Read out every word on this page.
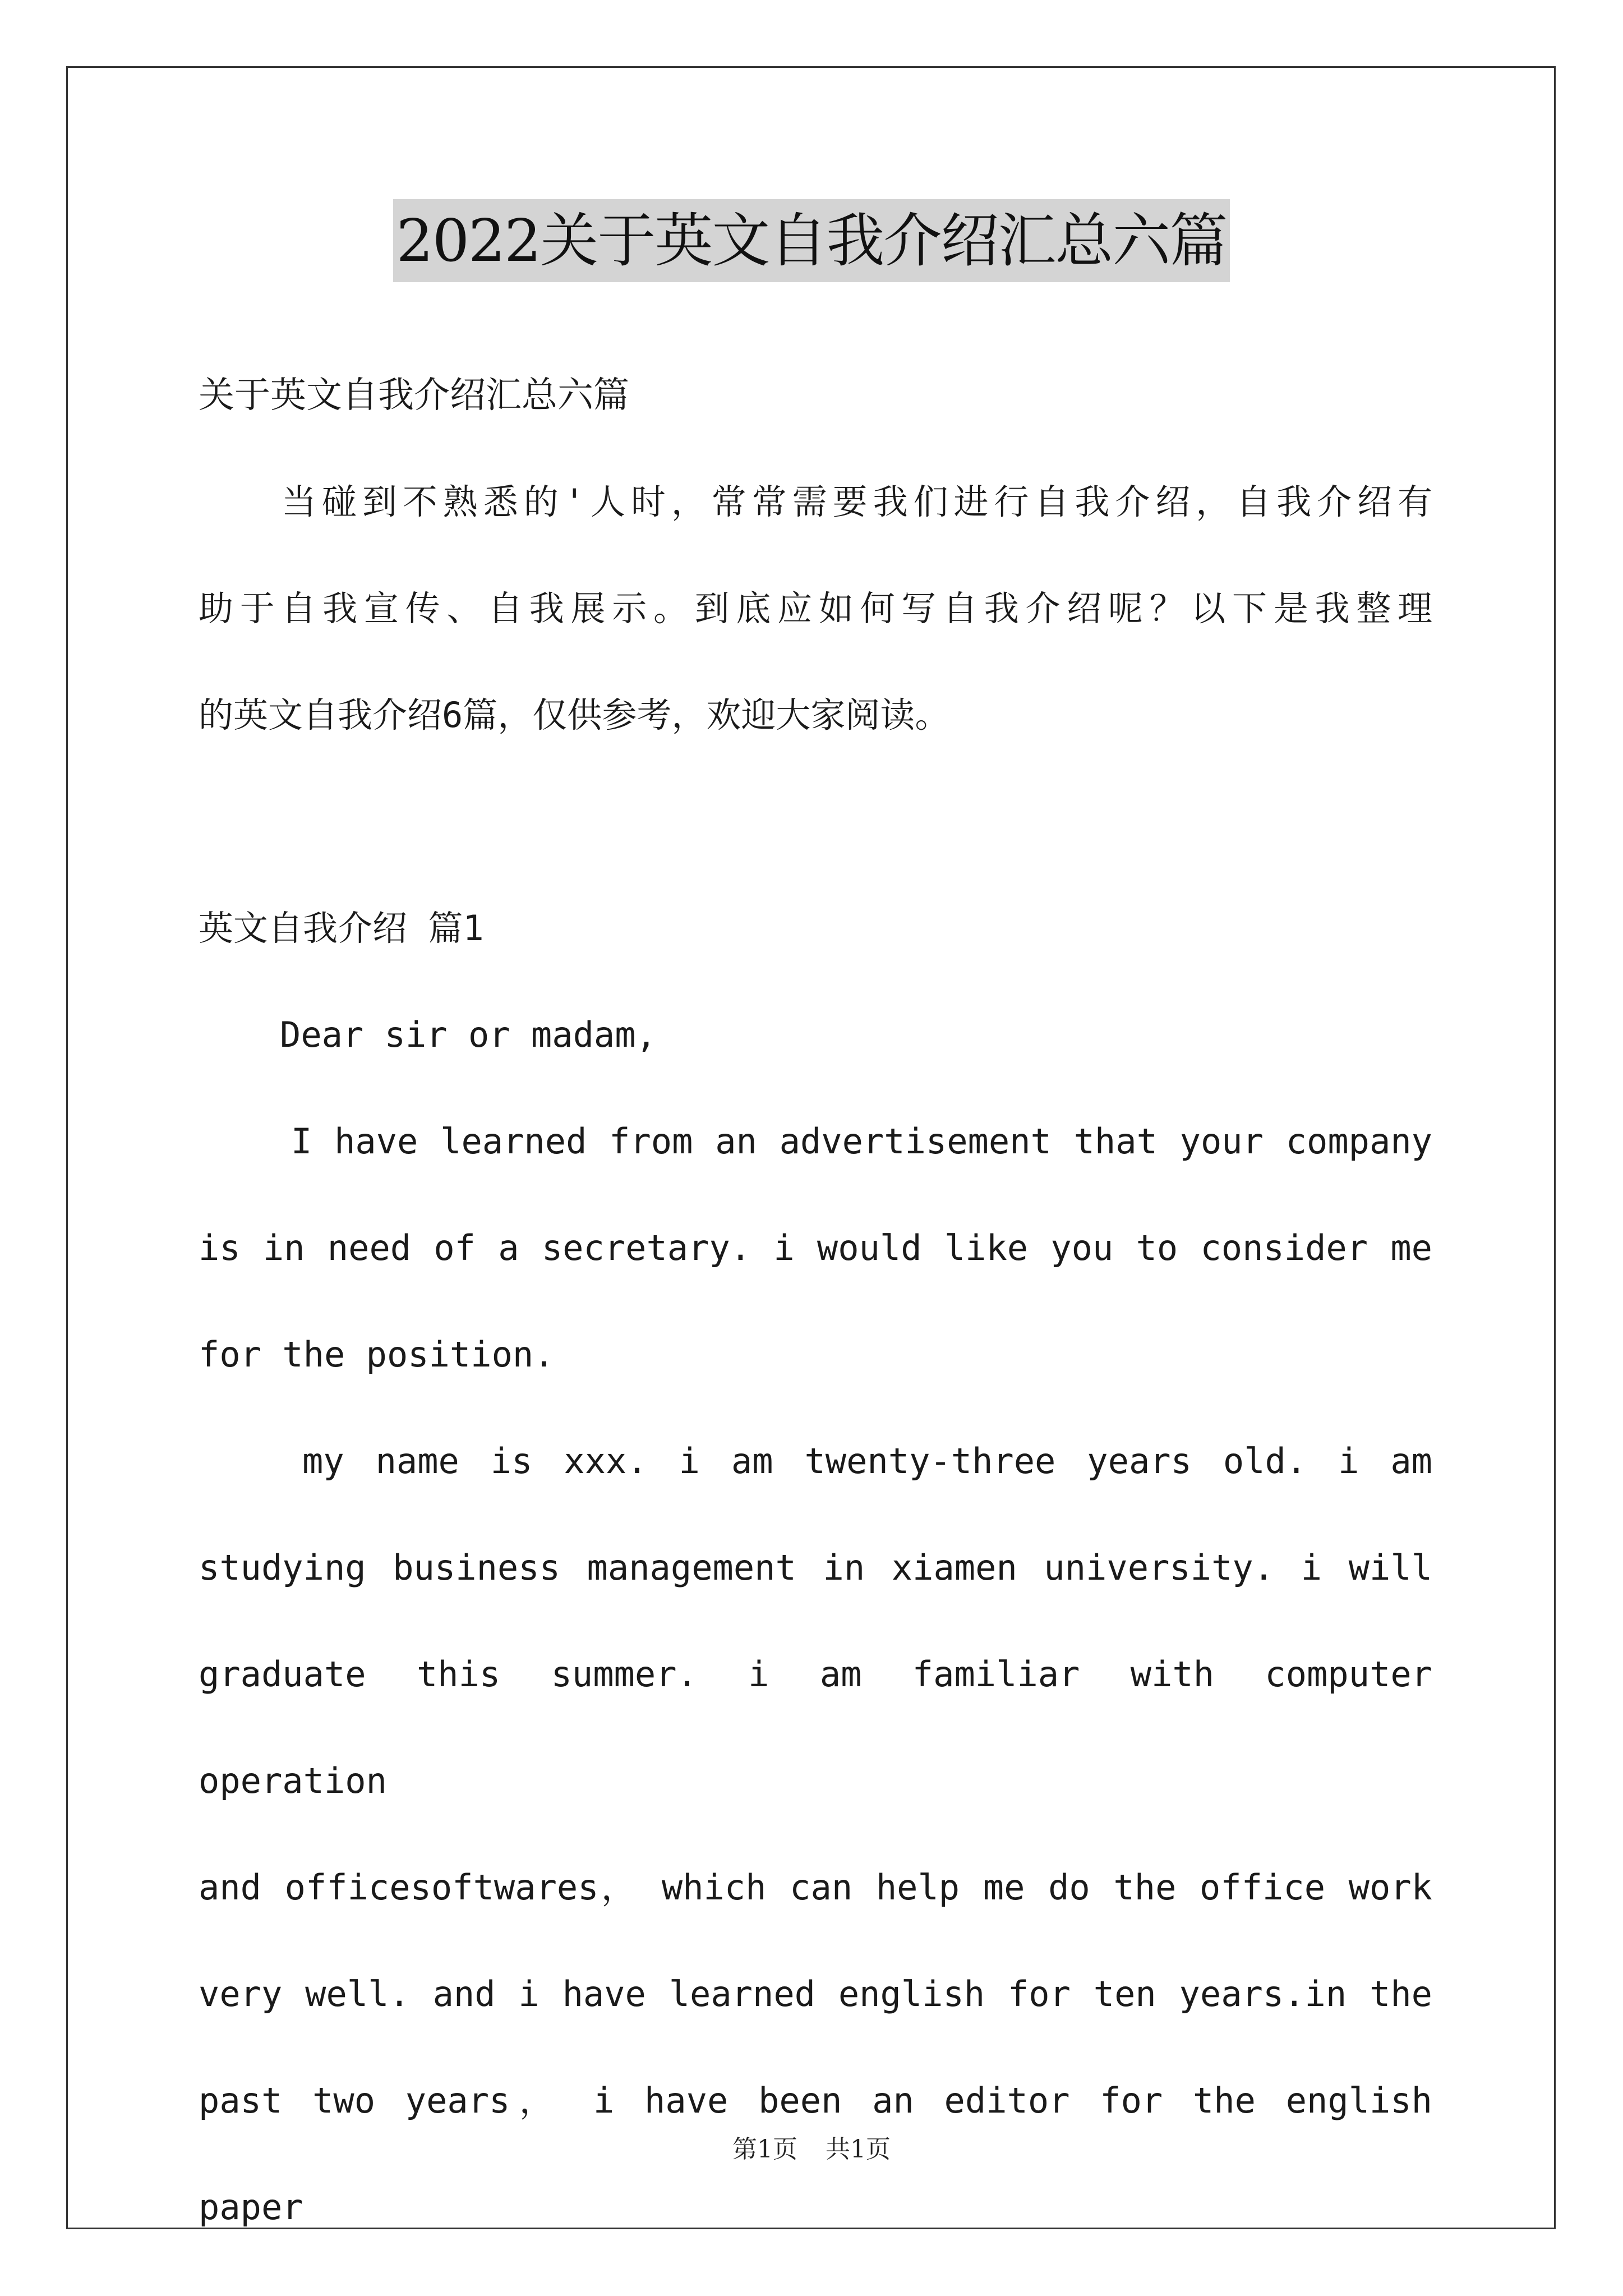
2022关于英文自我介绍汇总六篇

关于英文自我介绍汇总六篇

当碰到不熟悉的'人时，常常需要我们进行自我介绍，自我介绍有

助于自我宣传、自我展示。到底应如何写自我介绍呢？以下是我整理

的英文自我介绍6篇，仅供参考，欢迎大家阅读。

英文自我介绍 篇1

Dear sir or madam,

I have learned from an advertisement that your company

is in need of a secretary. i would like you to consider me

for the position.

my name is xxx. i am twenty-three years old. i am

studying business management in xiamen university. i will

graduate this summer. i am familiar with computer operation

and officesoftwares， which can help me do the office work

very well. and i have learned english for ten years.in the

past two years， i have been an editor for the english paper

第1页 共1页
